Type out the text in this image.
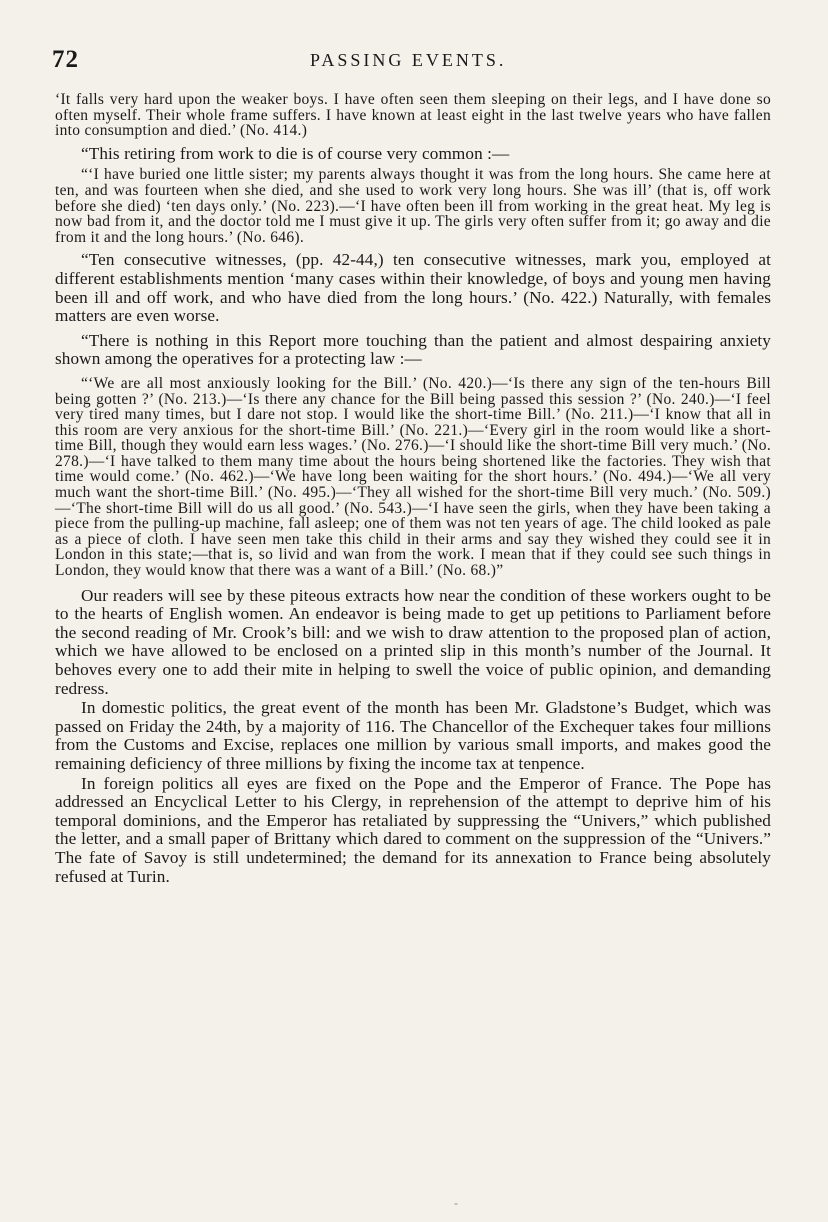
72	PASSING EVENTS.

‘It falls very hard upon the weaker boys. I have often seen them sleeping on their legs, and I have done so often myself. Their whole frame suffers. I have known at least eight in the last twelve years who have fallen into consumption and died.’ (No. 414.)

“This retiring from work to die is of course very common :—

“‘I have buried one little sister; my parents always thought it was from the long hours. She came here at ten, and was fourteen when she died, and she used to work very long hours. She was ill’ (that is, off work before she died) ‘ten days only.’ (No. 223).—‘I have often been ill from working in the great heat. My leg is now bad from it, and the doctor told me I must give it up. The girls very often suffer from it; go away and die from it and the long hours.’ (No. 646).

“Ten consecutive witnesses, (pp. 42-44,) ten consecutive witnesses, mark you, employed at different establishments mention ‘many cases within their knowledge, of boys and young men having been ill and off work, and who have died from the long hours.’ (No. 422.) Naturally, with females matters are even worse.

“There is nothing in this Report more touching than the patient and almost despairing anxiety shown among the operatives for a protecting law :—

“‘We are all most anxiously looking for the Bill.’ (No. 420.)—‘Is there any sign of the ten-hours Bill being gotten ?’ (No. 213.)—‘Is there any chance for the Bill being passed this session ?’ (No. 240.)—‘I feel very tired many times, but I dare not stop. I would like the short-time Bill.’ (No. 211.)—‘I know that all in this room are very anxious for the short-time Bill.’ (No. 221.)—‘Every girl in the room would like a short-time Bill, though they would earn less wages.’ (No. 276.)—‘I should like the short-time Bill very much.’ (No. 278.)—‘I have talked to them many time about the hours being shortened like the factories. They wish that time would come.’ (No. 462.)—‘We have long been waiting for the short hours.’ (No. 494.)—‘We all very much want the short-time Bill.’ (No. 495.)—‘They all wished for the short-time Bill very much.’ (No. 509.)—‘The short-time Bill will do us all good.’ (No. 543.)—‘I have seen the girls, when they have been taking a piece from the pulling-up machine, fall asleep; one of them was not ten years of age. The child looked as pale as a piece of cloth. I have seen men take this child in their arms and say they wished they could see it in London in this state;—that is, so livid and wan from the work. I mean that if they could see such things in London, they would know that there was a want of a Bill.’ (No. 68.)”

Our readers will see by these piteous extracts how near the condition of these workers ought to be to the hearts of English women. An endeavor is being made to get up petitions to Parliament before the second reading of Mr. Crook’s bill: and we wish to draw attention to the proposed plan of action, which we have allowed to be enclosed on a printed slip in this month’s number of the Journal. It behoves every one to add their mite in helping to swell the voice of public opinion, and demanding redress.

In domestic politics, the great event of the month has been Mr. Gladstone’s Budget, which was passed on Friday the 24th, by a majority of 116. The Chancellor of the Exchequer takes four millions from the Customs and Excise, replaces one million by various small imports, and makes good the remaining deficiency of three millions by fixing the income tax at tenpence.

In foreign politics all eyes are fixed on the Pope and the Emperor of France. The Pope has addressed an Encyclical Letter to his Clergy, in reprehension of the attempt to deprive him of his temporal dominions, and the Emperor has retaliated by suppressing the “Univers,” which published the letter, and a small paper of Brittany which dared to comment on the suppression of the “Univers.” The fate of Savoy is still undetermined; the demand for its annexation to France being absolutely refused at Turin.

-
